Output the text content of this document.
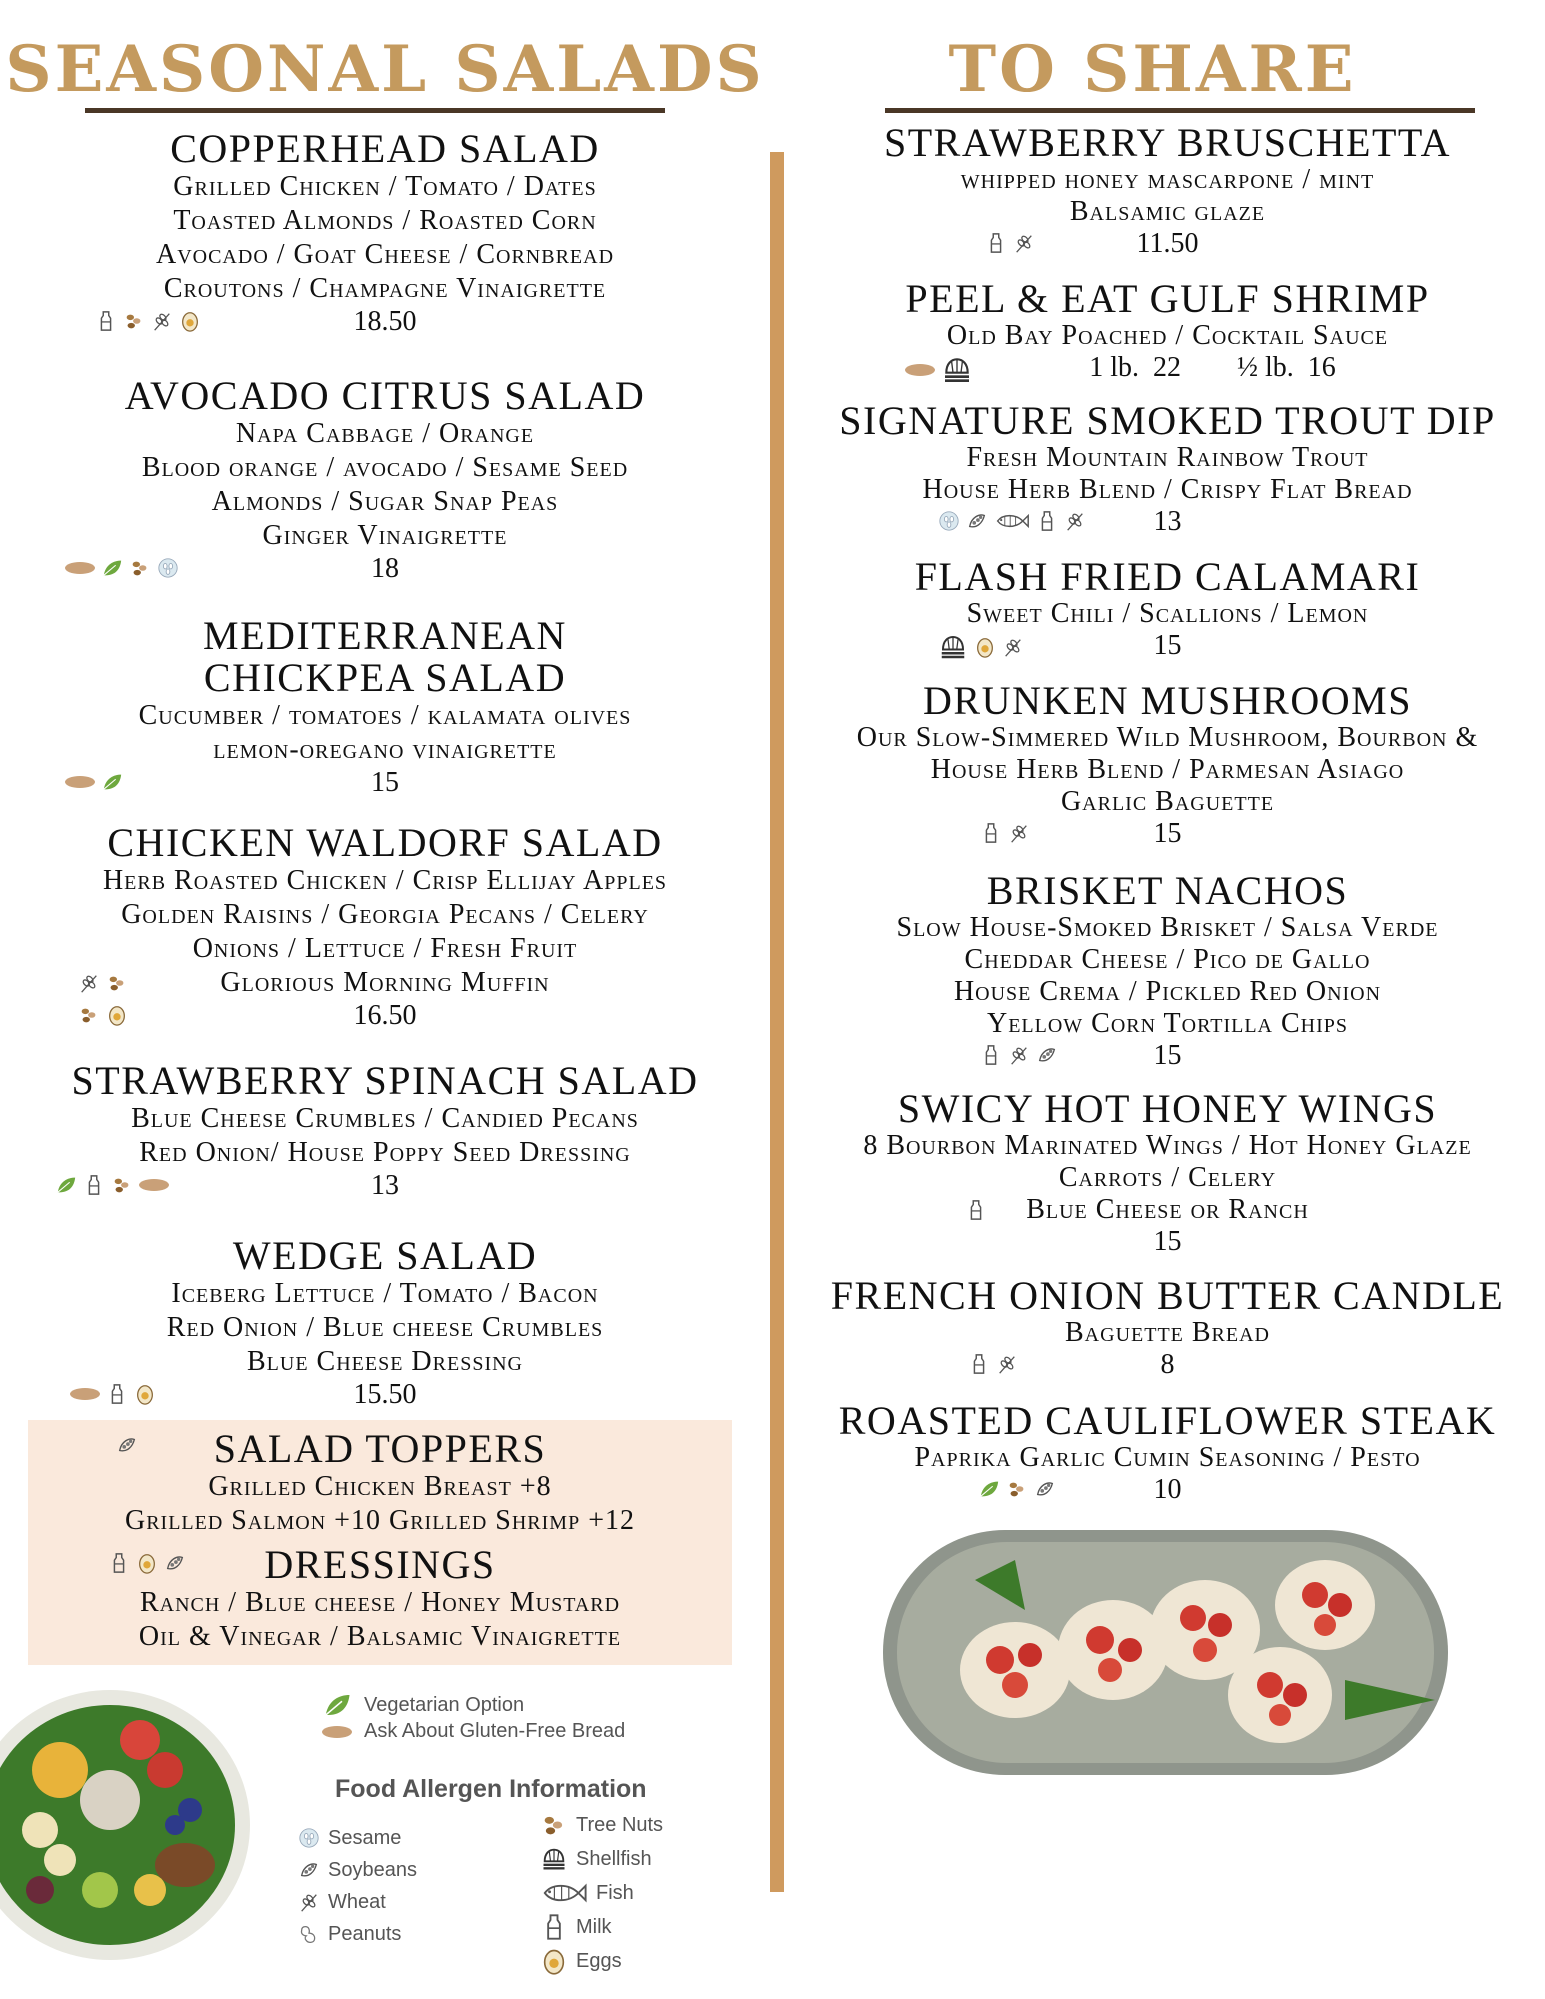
SEASONAL SALADS
COPPERHEAD SALAD
Grilled Chicken / Tomato / Dates
Toasted Almonds / Roasted Corn
Avocado / Goat Cheese / Cornbread
Croutons / Champagne Vinaigrette
18.50
AVOCADO CITRUS SALAD
Napa Cabbage / Orange
Blood orange / avocado / Sesame Seed
Almonds / Sugar Snap Peas
Ginger Vinaigrette
18
MEDITERRANEAN
CHICKPEA SALAD
Cucumber / tomatoes / kalamata olives
lemon-oregano vinaigrette
15
CHICKEN WALDORF SALAD
Herb Roasted Chicken / Crisp Ellijay Apples
Golden Raisins / Georgia Pecans / Celery
Onions / Lettuce / Fresh Fruit
Glorious Morning Muffin
16.50
STRAWBERRY SPINACH SALAD
Blue Cheese Crumbles / Candied Pecans
Red Onion/ House Poppy Seed Dressing
13
WEDGE SALAD
Iceberg Lettuce / Tomato / Bacon
Red Onion / Blue cheese Crumbles
Blue Cheese Dressing
15.50
SALAD TOPPERS
Grilled Chicken Breast +8
Grilled Salmon +10 Grilled Shrimp +12
DRESSINGS
Ranch / Blue cheese / Honey Mustard
Oil & Vinegar / Balsamic Vinaigrette
Vegetarian Option
Ask About Gluten-Free Bread
Food Allergen Information
Sesame
Soybeans
Wheat
Peanuts
Tree Nuts
Shellfish
Fish
Milk
Eggs
TO SHARE
STRAWBERRY BRUSCHETTA
whipped honey mascarpone / mint
Balsamic glaze
11.50
PEEL & EAT GULF SHRIMP
Old Bay Poached / Cocktail Sauce
1 lb.  22        ½ lb.  16
SIGNATURE SMOKED TROUT DIP
Fresh Mountain Rainbow Trout
House Herb Blend / Crispy Flat Bread
13
FLASH FRIED CALAMARI
Sweet Chili / Scallions / Lemon
15
DRUNKEN MUSHROOMS
Our Slow-Simmered Wild Mushroom, Bourbon &
House Herb Blend / Parmesan Asiago
Garlic Baguette
15
BRISKET NACHOS
Slow House-Smoked Brisket / Salsa Verde
Cheddar Cheese / Pico de Gallo
House Crema / Pickled Red Onion
Yellow Corn Tortilla Chips
15
SWICY HOT HONEY WINGS
8 Bourbon Marinated Wings / Hot Honey Glaze
Carrots / Celery
Blue Cheese or Ranch
15
FRENCH ONION BUTTER CANDLE
Baguette Bread
8
ROASTED CAULIFLOWER STEAK
Paprika Garlic Cumin Seasoning / Pesto
10
